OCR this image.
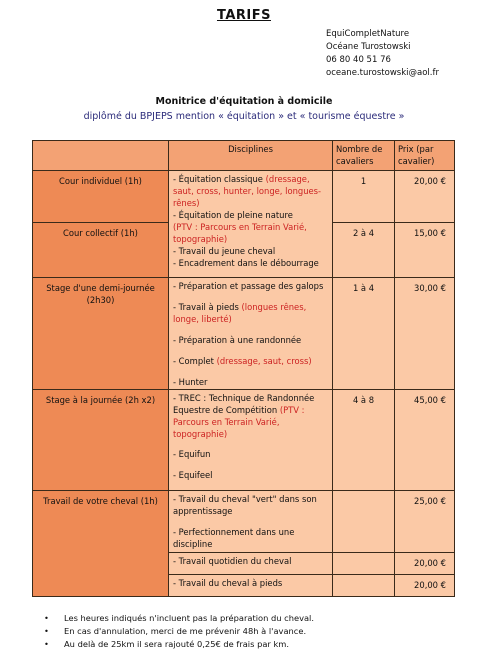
TARIFS
EquiCompletNature
Océane Turostowski
06 80 40 51 76
oceane.turostowski@aol.fr
Monitrice d'équitation à domicile
diplômé du BPJEPS mention « équitation » et « tourisme équestre »
	Disciplines	Nombre de cavaliers	Prix (par cavalier)
Cour individuel (1h)	- Équitation classique (dressage, saut, cross, hunter, longe, longues-rênes)
- Équitation de pleine nature
(PTV : Parcours en Terrain Varié, topographie)
- Travail du jeune cheval
- Encadrement dans le débourrage	1	20,00 €
Cour collectif (1h)		2 à 4	15,00 €
Stage d'une demi-journée (2h30)	- Préparation et passage des galops
- Travail à pieds (longues rênes, longe, liberté)
- Préparation à une randonnée
- Complet (dressage, saut, cross)
- Hunter	1 à 4	30,00 €
Stage à la journée (2h x2)	- TREC : Technique de Randonnée Equestre de Compétition (PTV : Parcours en Terrain Varié, topographie)
- Equifun
- Equifeel	4 à 8	45,00 €
Travail de votre cheval (1h)	- Travail du cheval "vert" dans son apprentissage
- Perfectionnement dans une discipline		25,00 €
	- Travail quotidien du cheval		20,00 €
	- Travail du cheval à pieds		20,00 €
• Les heures indiqués n'incluent pas la préparation du cheval.
• En cas d'annulation, merci de me prévenir 48h à l'avance.
• Au delà de 25km il sera rajouté 0,25€ de frais par km.
